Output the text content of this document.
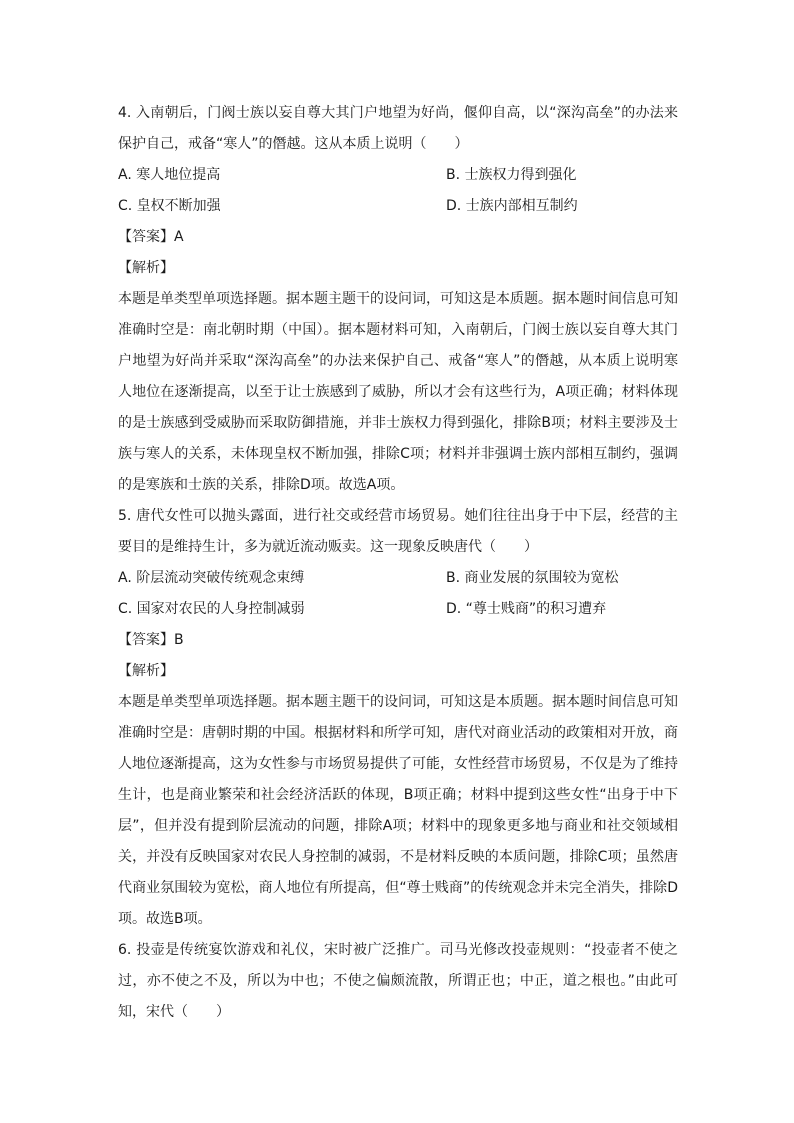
4. 入南朝后，门阀士族以妄自尊大其门户地望为好尚，偃仰自高，以“深沟高垒”的办法来保护自己，戒备“寒人”的僭越。这从本质上说明（　　）

A. 寒人地位提高	B. 士族权力得到强化
C. 皇权不断加强	D. 士族内部相互制约

【答案】A

【解析】

本题是单类型单项选择题。据本题主题干的设问词，可知这是本质题。据本题时间信息可知准确时空是：南北朝时期（中国）。据本题材料可知，入南朝后，门阀士族以妄自尊大其门户地望为好尚并采取“深沟高垒”的办法来保护自己、戒备“寒人”的僭越，从本质上说明寒人地位在逐渐提高，以至于让士族感到了威胁，所以才会有这些行为，A项正确；材料体现的是士族感到受威胁而采取防御措施，并非士族权力得到强化，排除B项；材料主要涉及士族与寒人的关系，未体现皇权不断加强，排除C项；材料并非强调士族内部相互制约，强调的是寒族和士族的关系，排除D项。故选A项。

5. 唐代女性可以抛头露面，进行社交或经营市场贸易。她们往往出身于中下层，经营的主要目的是维持生计，多为就近流动贩卖。这一现象反映唐代（　　）

A. 阶层流动突破传统观念束缚	B. 商业发展的氛围较为宽松
C. 国家对农民的人身控制减弱	D. “尊士贱商”的积习遭弃

【答案】B

【解析】

本题是单类型单项选择题。据本题主题干的设问词，可知这是本质题。据本题时间信息可知准确时空是：唐朝时期的中国。根据材料和所学可知，唐代对商业活动的政策相对开放，商人地位逐渐提高，这为女性参与市场贸易提供了可能，女性经营市场贸易，不仅是为了维持生计，也是商业繁荣和社会经济活跃的体现，B项正确；材料中提到这些女性“出身于中下层”，但并没有提到阶层流动的问题，排除A项；材料中的现象更多地与商业和社交领域相关，并没有反映国家对农民人身控制的减弱，不是材料反映的本质问题，排除C项；虽然唐代商业氛围较为宽松，商人地位有所提高，但“尊士贱商”的传统观念并未完全消失，排除D项。故选B项。

6. 投壶是传统宴饮游戏和礼仪，宋时被广泛推广。司马光修改投壶规则：“投壶者不使之过，亦不使之不及，所以为中也；不使之偏颇流散，所谓正也；中正，道之根也。”由此可知，宋代（　　）
